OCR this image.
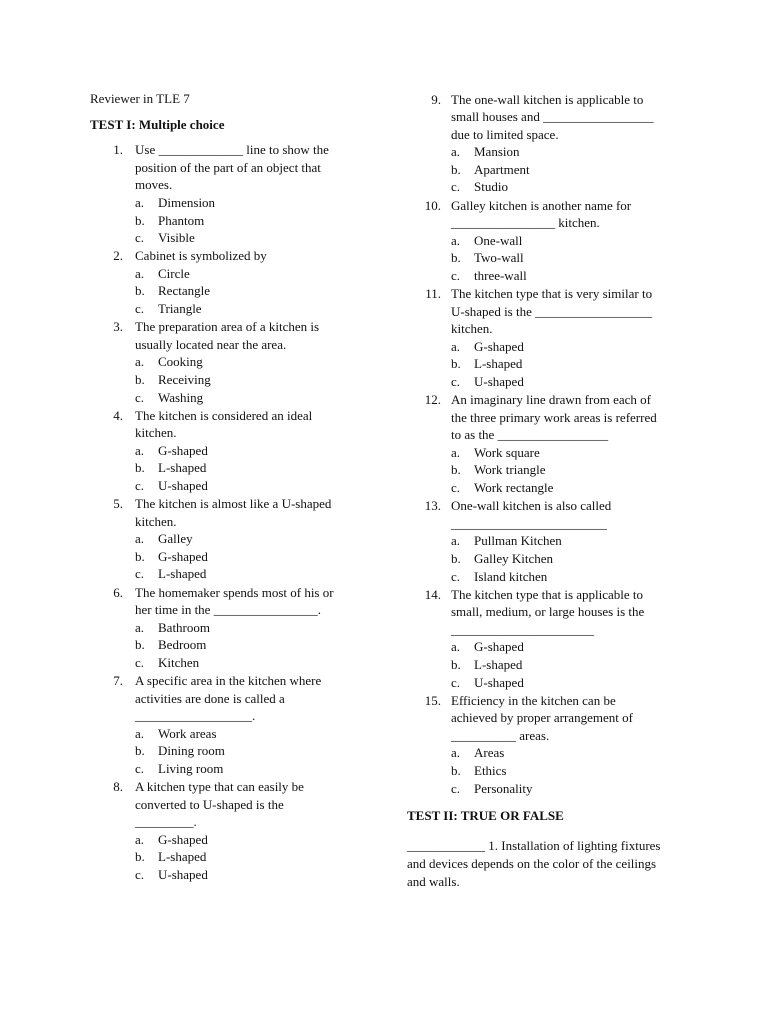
Reviewer in TLE 7
TEST I: Multiple choice
1. Use _____________ line to show the
position of the part of an object that
moves.
a.	Dimension
b.	Phantom
c.	Visible
2. Cabinet is symbolized by
a.	Circle
b.	Rectangle
c.	Triangle
3. The preparation area of a kitchen is
usually located near the area.
a.	Cooking
b.	Receiving
c.	Washing
4. The kitchen is considered an ideal
kitchen.
a.	G-shaped
b.	L-shaped
c.	U-shaped
5. The kitchen is almost like a U-shaped
kitchen.
a.	Galley
b.	G-shaped
c.	L-shaped
6. The homemaker spends most of his or
her time in the ________________.
a.	Bathroom
b.	Bedroom
c.	Kitchen
7. A specific area in the kitchen where
activities are done is called a
__________________.
a.	Work areas
b.	Dining room
c.	Living room
8. A kitchen type that can easily be
converted to U-shaped is the
_________.
a.	G-shaped
b.	L-shaped
c.	U-shaped
9. The one-wall kitchen is applicable to
small houses and _________________
due to limited space.
a.	Mansion
b.	Apartment
c.	Studio
10. Galley kitchen is another name for
________________ kitchen.
a.	One-wall
b.	Two-wall
c.	three-wall
11. The kitchen type that is very similar to
U-shaped is the __________________
kitchen.
a.	G-shaped
b.	L-shaped
c.	U-shaped
12. An imaginary line drawn from each of
the three primary work areas is referred
to as the _________________
a.	Work square
b.	Work triangle
c.	Work rectangle
13. One-wall kitchen is also called
________________________
a.	Pullman Kitchen
b.	Galley Kitchen
c.	Island kitchen
14. The kitchen type that is applicable to
small, medium, or large houses is the
______________________
a.	G-shaped
b.	L-shaped
c.	U-shaped
15. Efficiency in the kitchen can be
achieved by proper arrangement of
__________ areas.
a.	Areas
b.	Ethics
c.	Personality
TEST II: TRUE OR FALSE
____________ 1. Installation of lighting fixtures
and devices depends on the color of the ceilings
and walls.
